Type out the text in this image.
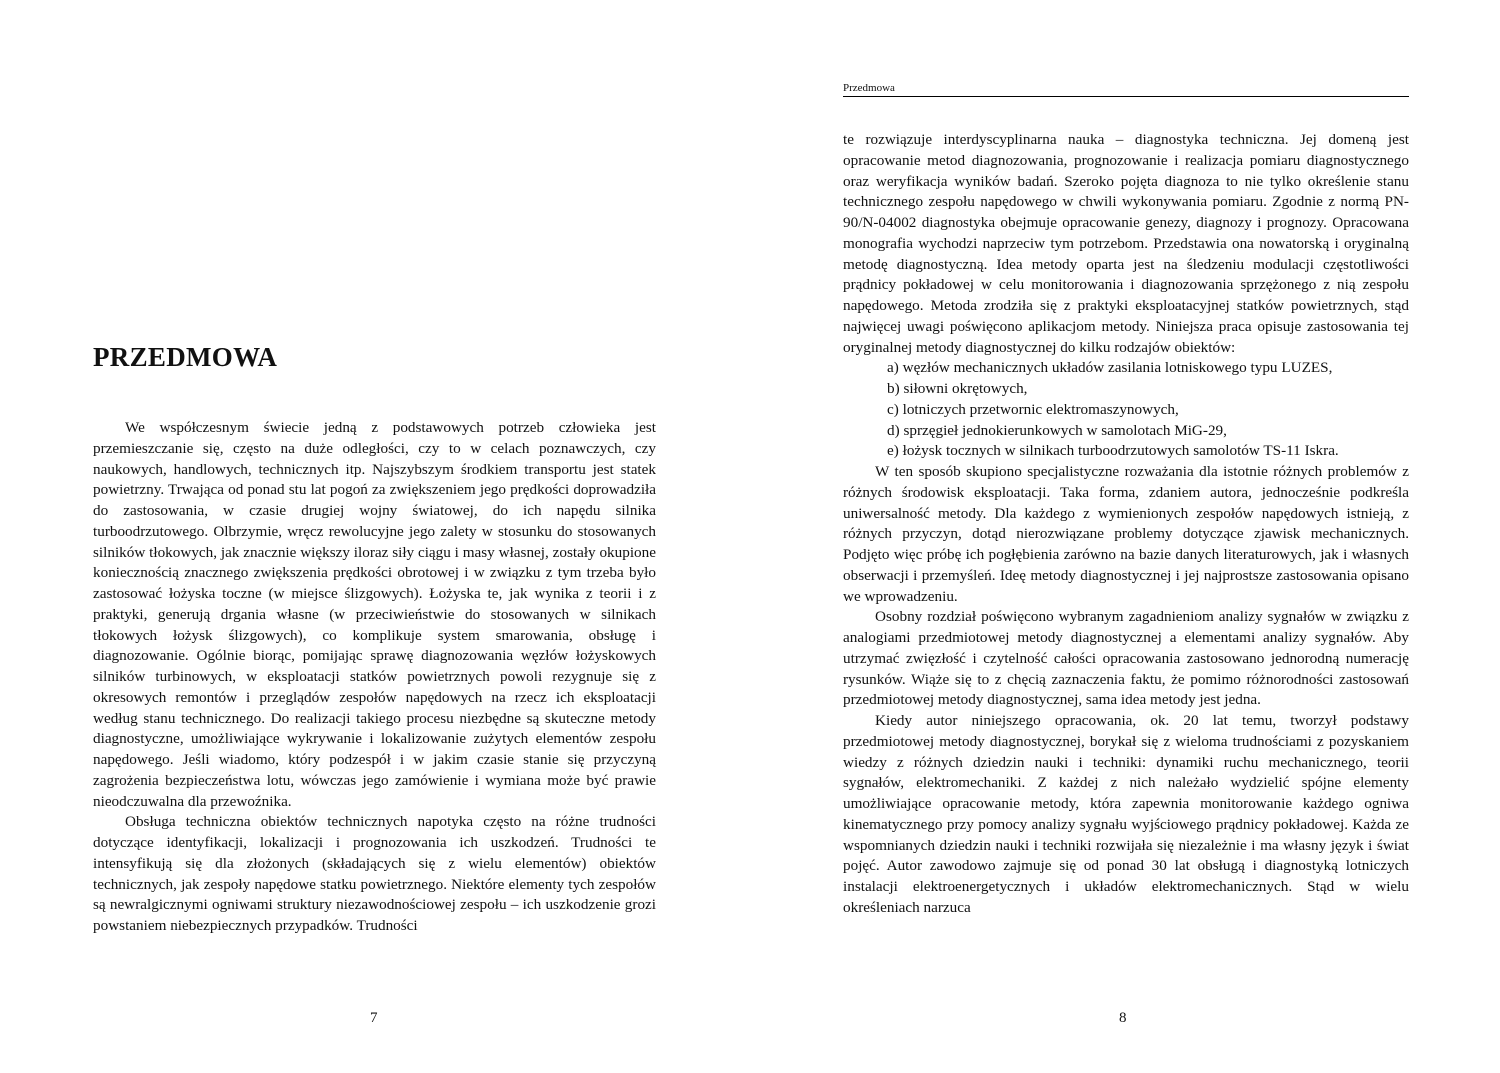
PRZEDMOWA

We współczesnym świecie jedną z podstawowych potrzeb człowieka jest przemieszczanie się, często na duże odległości, czy to w celach poznawczych, czy naukowych, handlowych, technicznych itp. Najszybszym środkiem transportu jest statek powietrzny. Trwająca od ponad stu lat pogoń za zwiększeniem jego prędkości doprowadziła do zastosowania, w czasie drugiej wojny światowej, do ich napędu silnika turboodrzutowego. Olbrzymie, wręcz rewolucyjne jego zalety w stosunku do stosowanych silników tłokowych, jak znacznie większy iloraz siły ciągu i masy własnej, zostały okupione koniecznością znacznego zwiększenia prędkości obrotowej i w związku z tym trzeba było zastosować łożyska toczne (w miejsce ślizgowych). Łożyska te, jak wynika z teorii i z praktyki, generują drgania własne (w przeciwieństwie do stosowanych w silnikach tłokowych łożysk ślizgowych), co komplikuje system smarowania, obsługę i diagnozowanie. Ogólnie biorąc, pomijając sprawę diagnozowania węzłów łożyskowych silników turbinowych, w eksploatacji statków powietrznych powoli rezygnuje się z okresowych remontów i przeglądów zespołów napędowych na rzecz ich eksploatacji według stanu technicznego. Do realizacji takiego procesu niezbędne są skuteczne metody diagnostyczne, umożliwiające wykrywanie i lokalizowanie zużytych elementów zespołu napędowego. Jeśli wiadomo, który podzespół i w jakim czasie stanie się przyczyną zagrożenia bezpieczeństwa lotu, wówczas jego zamówienie i wymiana może być prawie nieodczuwalna dla przewoźnika.

Obsługa techniczna obiektów technicznych napotyka często na różne trudności dotyczące identyfikacji, lokalizacji i prognozowania ich uszkodzeń. Trudności te intensyfikują się dla złożonych (składających się z wielu elementów) obiektów technicznych, jak zespoły napędowe statku powietrznego. Niektóre elementy tych zespołów są newralgicznymi ogniwami struktury niezawodnościowej zespołu – ich uszkodzenie grozi powstaniem niebezpiecznych przypadków. Trudności

Przedmowa

te rozwiązuje interdyscyplinarna nauka – diagnostyka techniczna. Jej domeną jest opracowanie metod diagnozowania, prognozowanie i realizacja pomiaru diagnostycznego oraz weryfikacja wyników badań. Szeroko pojęta diagnoza to nie tylko określenie stanu technicznego zespołu napędowego w chwili wykonywania pomiaru. Zgodnie z normą PN-90/N-04002 diagnostyka obejmuje opracowanie genezy, diagnozy i prognozy. Opracowana monografia wychodzi naprzeciw tym potrzebom. Przedstawia ona nowatorską i oryginalną metodę diagnostyczną. Idea metody oparta jest na śledzeniu modulacji częstotliwości prądnicy pokładowej w celu monitorowania i diagnozowania sprzężonego z nią zespołu napędowego. Metoda zrodziła się z praktyki eksploatacyjnej statków powietrznych, stąd najwięcej uwagi poświęcono aplikacjom metody. Niniejsza praca opisuje zastosowania tej oryginalnej metody diagnostycznej do kilku rodzajów obiektów:

a) węzłów mechanicznych układów zasilania lotniskowego typu LUZES,
b) siłowni okrętowych,
c) lotniczych przetwornic elektromaszynowych,
d) sprzęgieł jednokierunkowych w samolotach MiG-29,
e) łożysk tocznych w silnikach turboodrzutowych samolotów TS-11 Iskra.

W ten sposób skupiono specjalistyczne rozważania dla istotnie różnych problemów z różnych środowisk eksploatacji. Taka forma, zdaniem autora, jednocześnie podkreśla uniwersalność metody. Dla każdego z wymienionych zespołów napędowych istnieją, z różnych przyczyn, dotąd nierozwiązane problemy dotyczące zjawisk mechanicznych. Podjęto więc próbę ich pogłębienia zarówno na bazie danych literaturowych, jak i własnych obserwacji i przemyśleń. Ideę metody diagnostycznej i jej najprostsze zastosowania opisano we wprowadzeniu.

Osobny rozdział poświęcono wybranym zagadnieniom analizy sygnałów w związku z analogiami przedmiotowej metody diagnostycznej a elementami analizy sygnałów. Aby utrzymać zwięzłość i czytelność całości opracowania zastosowano jednorodną numerację rysunków. Wiąże się to z chęcią zaznaczenia faktu, że pomimo różnorodności zastosowań przedmiotowej metody diagnostycznej, sama idea metody jest jedna.

Kiedy autor niniejszego opracowania, ok. 20 lat temu, tworzył podstawy przedmiotowej metody diagnostycznej, borykał się z wieloma trudnościami z pozyskaniem wiedzy z różnych dziedzin nauki i techniki: dynamiki ruchu mechanicznego, teorii sygnałów, elektromechaniki. Z każdej z nich należało wydzielić spójne elementy umożliwiające opracowanie metody, która zapewnia monitorowanie każdego ogniwa kinematycznego przy pomocy analizy sygnału wyjściowego prądnicy pokładowej. Każda ze wspomnianych dziedzin nauki i techniki rozwijała się niezależnie i ma własny język i świat pojęć. Autor zawodowo zajmuje się od ponad 30 lat obsługą i diagnostyką lotniczych instalacji elektroenergetycznych i układów elektromechanicznych. Stąd w wielu określeniach narzuca

7	8
